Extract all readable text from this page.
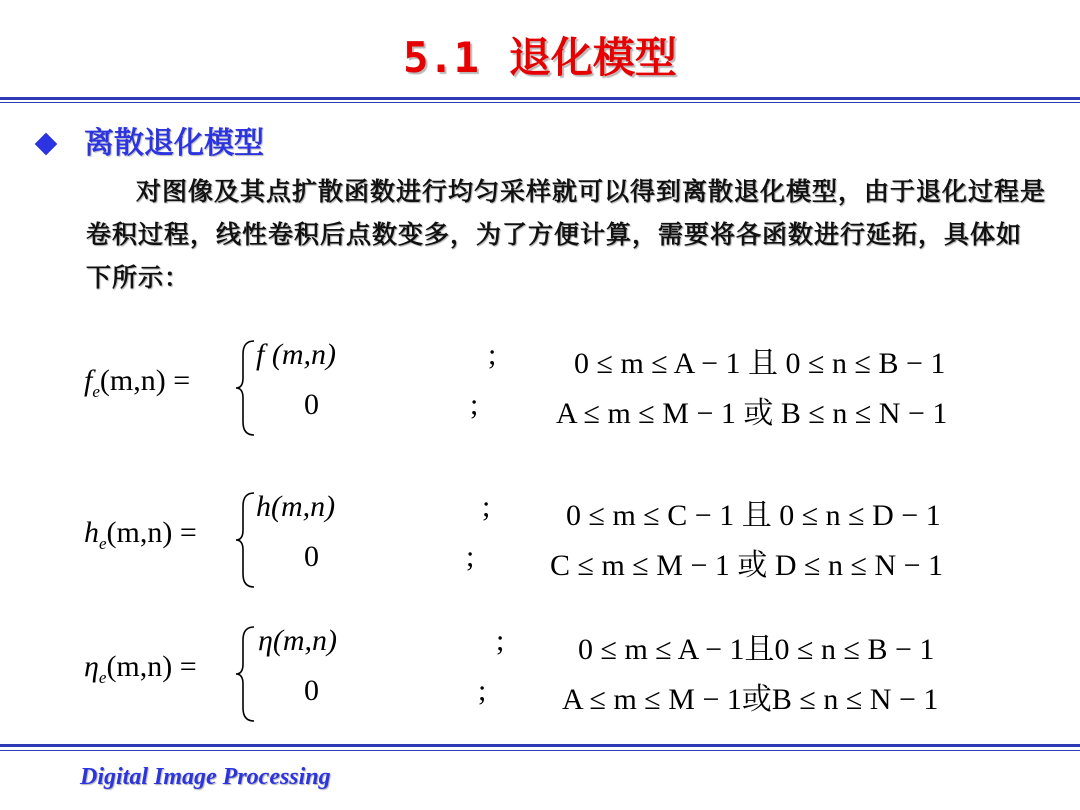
5.1 退化模型
离散退化模型
对图像及其点扩散函数进行均匀采样就可以得到离散退化模型，由于退化过程是卷积过程，线性卷积后点数变多，为了方便计算，需要将各函数进行延拓，具体如下所示：
$f_e(m,n)$ =
f (m,n)	;	0 ≤ m ≤ A − 1 且 0 ≤ n ≤ B − 1
0	;	A ≤ m ≤ M − 1 或 B ≤ n ≤ N − 1
$h_e(m,n)$ =
h(m,n)	;	0 ≤ m ≤ C − 1 且 0 ≤ n ≤ D − 1
0	;	C ≤ m ≤ M − 1 或 D ≤ n ≤ N − 1
$\eta_e(m,n)$ =
η(m,n)	; 0 ≤ m ≤ A − 1且0 ≤ n ≤ B − 1
0	;	A ≤ m ≤ M − 1或B ≤ n ≤ N − 1
Digital Image Processing
